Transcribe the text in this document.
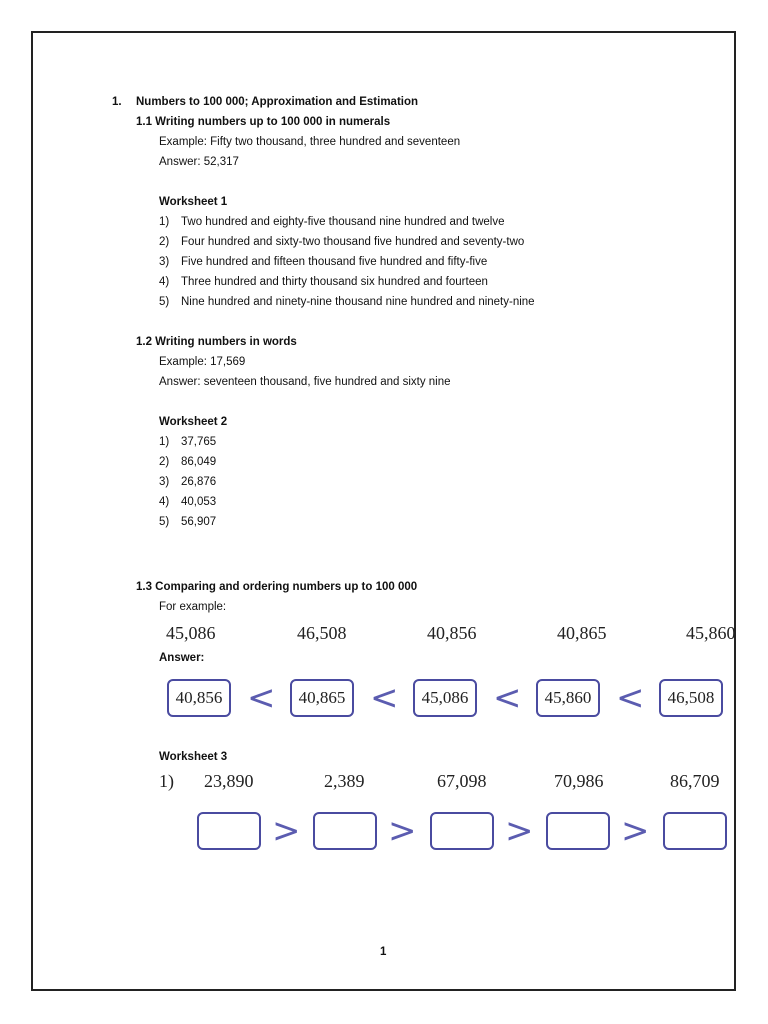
1. Numbers to 100 000; Approximation and Estimation
1.1 Writing numbers up to 100 000 in numerals
Example: Fifty two thousand, three hundred and seventeen
Answer: 52,317
Worksheet 1
1) Two hundred and eighty-five thousand nine hundred and twelve
2) Four hundred and sixty-two thousand five hundred and seventy-two
3) Five hundred and fifteen thousand five hundred and fifty-five
4) Three hundred and thirty thousand six hundred and fourteen
5) Nine hundred and ninety-nine thousand nine hundred and ninety-nine
1.2 Writing numbers in words
Example: 17,569
Answer: seventeen thousand, five hundred and sixty nine
Worksheet 2
1) 37,765
2) 86,049
3) 26,876
4) 40,053
5) 56,907
1.3 Comparing and ordering numbers up to 100 000
For example:
45,086	46,508	40,856	40,865	45,860
Answer:
40,856 <	40,865 <	45,086 <	45,860 <	46,508
Worksheet 3
1) 23,890	2,389	67,098	70,986	86,709
>	>	>	>
1
